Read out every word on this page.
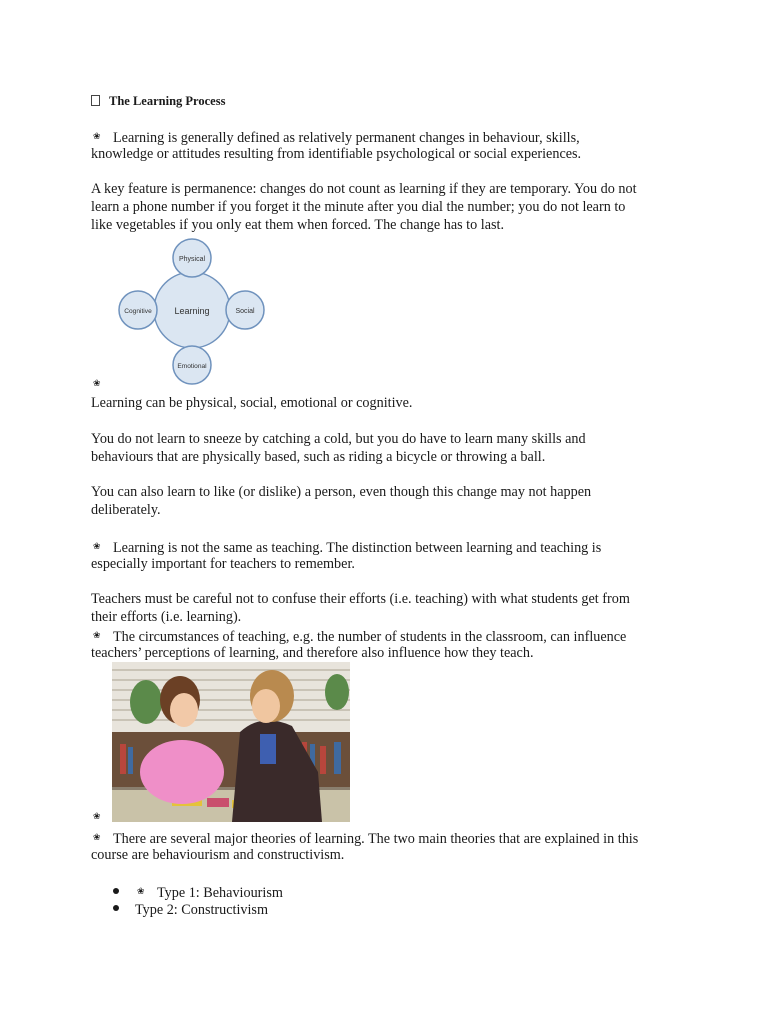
The Learning Process
❀ Learning is generally defined as relatively permanent changes in behaviour, skills,
knowledge or attitudes resulting from identifiable psychological or social experiences.
A key feature is permanence: changes do not count as learning if they are temporary. You do not
learn a phone number if you forget it the minute after you dial the number; you do not learn to
like vegetables if you only eat them when forced. The change has to last.
Learning
Physical
Cognitive	Social
Emotional
❀
Learning can be physical, social, emotional or cognitive.
You do not learn to sneeze by catching a cold, but you do have to learn many skills and
behaviours that are physically based, such as riding a bicycle or throwing a ball.
You can also learn to like (or dislike) a person, even though this change may not happen
deliberately.
❀ Learning is not the same as teaching. The distinction between learning and teaching is
especially important for teachers to remember.
Teachers must be careful not to confuse their efforts (i.e. teaching) with what students get from
their efforts (i.e. learning).
❀ The circumstances of teaching, e.g. the number of students in the classroom, can influence
teachers’ perceptions of learning, and therefore also influence how they teach.
❀
❀ There are several major theories of learning. The two main theories that are explained in this
course are behaviourism and constructivism.
❀ Type 1: Behaviourism
Type 2: Constructivism
